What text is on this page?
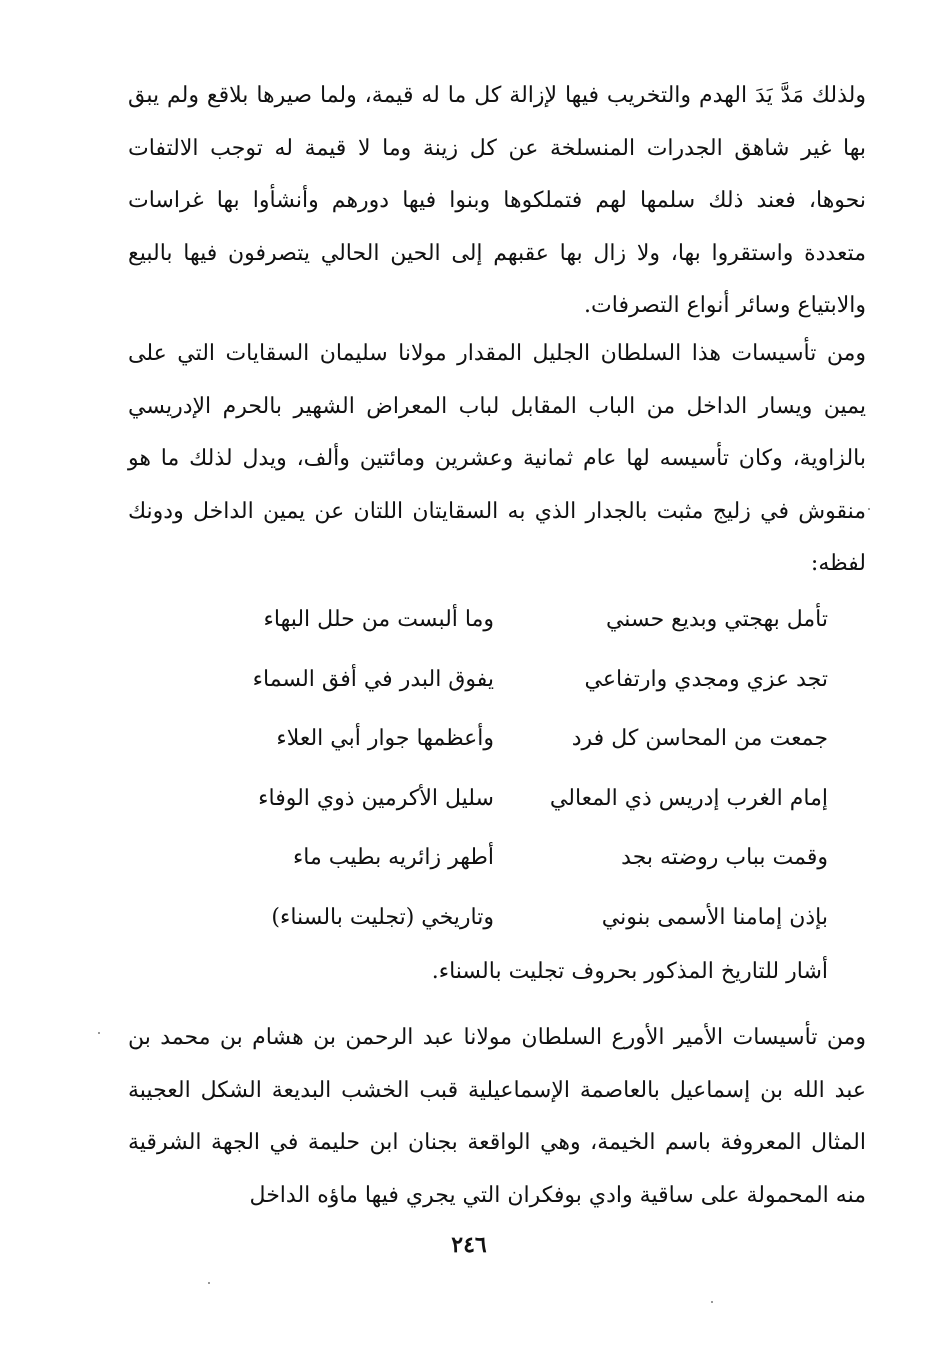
ولذلك مَدَّ يَدَ الهدم والتخريب فيها لإزالة كل ما له قيمة، ولما صيرها بلاقع ولم يبق بها غير شاهق الجدرات المنسلخة عن كل زينة وما لا قيمة له توجب الالتفات نحوها، فعند ذلك سلمها لهم فتملكوها وبنوا فيها دورهم وأنشأوا بها غراسات متعددة واستقروا بها، ولا زال بها عقبهم إلى الحين الحالي يتصرفون فيها بالبيع والابتياع وسائر أنواع التصرفات.

ومن تأسيسات هذا السلطان الجليل المقدار مولانا سليمان السقايات التي على يمين ويسار الداخل من الباب المقابل لباب المعراض الشهير بالحرم الإدريسي بالزاوية، وكان تأسيسه لها عام ثمانية وعشرين ومائتين وألف، ويدل لذلك ما هو منقوش في زليج مثبت بالجدار الذي به السقايتان اللتان عن يمين الداخل ودونك لفظه:

تأمل بهجتي وبديع حسني
وما ألبست من حلل البهاء
تجد عزي ومجدي وارتفاعي
يفوق البدر في أفق السماء
جمعت من المحاسن كل فرد
وأعظمها جوار أبي العلاء
إمام الغرب إدريس ذي المعالي
سليل الأكرمين ذوي الوفاء
وقمت بباب روضته بجد
أطهر زائريه بطيب ماء
بإذن إمامنا الأسمى بنوني
وتاريخي (تجليت بالسناء)
أشار للتاريخ المذكور بحروف تجليت بالسناء.

ومن تأسيسات الأمير الأورع السلطان مولانا عبد الرحمن بن هشام بن محمد بن عبد الله بن إسماعيل بالعاصمة الإسماعيلية قبب الخشب البديعة الشكل العجيبة المثال المعروفة باسم الخيمة، وهي الواقعة بجنان ابن حليمة في الجهة الشرقية منه المحمولة على ساقية وادي بوفكران التي يجري فيها ماؤه الداخل

٢٤٦
